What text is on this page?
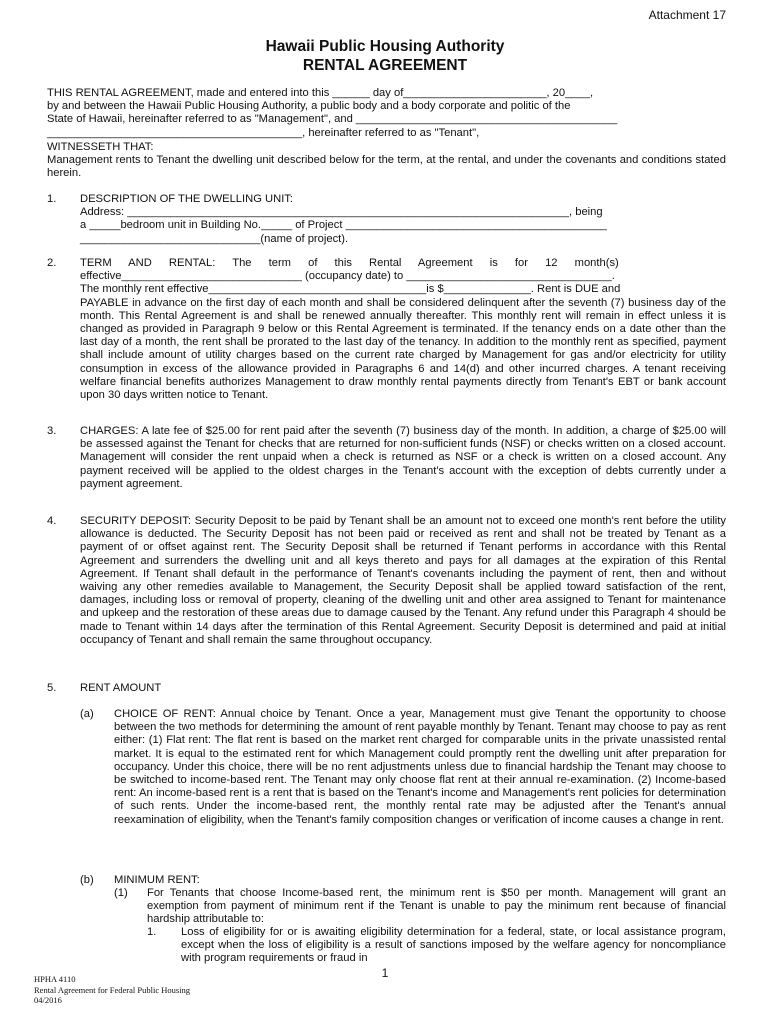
Attachment 17
Hawaii Public Housing Authority
RENTAL AGREEMENT
THIS RENTAL AGREEMENT, made and entered into this ______ day of_______________________, 20____,
by and between the Hawaii Public Housing Authority, a public body and a body corporate and politic of the
State of Hawaii, hereinafter referred to as "Management", and __________________________________________
_________________________________________, hereinafter referred to as "Tenant",
WITNESSETH THAT:

Management rents to Tenant the dwelling unit described below for the term, at the rental, and under the covenants and conditions stated herein.

1. DESCRIPTION OF THE DWELLING UNIT:
Address: _______________________________________________________________________, being
a _____bedroom unit in Building No._____ of Project __________________________________________
_____________________________(name of project).
2. TERM AND RENTAL: The term of this Rental Agreement is for 12 month(s)
effective_____________________________ (occupancy date) to _________________________________.
The monthly rent effective___________________________________is $______________. Rent is DUE and

PAYABLE in advance on the first day of each month and shall be considered delinquent after the seventh (7) business day of the month. This Rental Agreement is and shall be renewed annually thereafter. This monthly rent will remain in effect unless it is changed as provided in Paragraph 9 below or this Rental Agreement is terminated. If the tenancy ends on a date other than the last day of a month, the rent shall be prorated to the last day of the tenancy. In addition to the monthly rent as specified, payment shall include amount of utility charges based on the current rate charged by Management for gas and/or electricity for utility consumption in excess of the allowance provided in Paragraphs 6 and 14(d) and other incurred charges. A tenant receiving welfare financial benefits authorizes Management to draw monthly rental payments directly from Tenant's EBT or bank account upon 30 days written notice to Tenant.

3. CHARGES: A late fee of $25.00 for rent paid after the seventh (7) business day of the month. In addition, a charge of $25.00 will be assessed against the Tenant for checks that are returned for non-sufficient funds (NSF) or checks written on a closed account. Management will consider the rent unpaid when a check is returned as NSF or a check is written on a closed account. Any payment received will be applied to the oldest charges in the Tenant's account with the exception of debts currently under a payment agreement.

4. SECURITY DEPOSIT: Security Deposit to be paid by Tenant shall be an amount not to exceed one month's rent before the utility allowance is deducted. The Security Deposit has not been paid or received as rent and shall not be treated by Tenant as a payment of or offset against rent. The Security Deposit shall be returned if Tenant performs in accordance with this Rental Agreement and surrenders the dwelling unit and all keys thereto and pays for all damages at the expiration of this Rental Agreement. If Tenant shall default in the performance of Tenant's covenants including the payment of rent, then and without waiving any other remedies available to Management, the Security Deposit shall be applied toward satisfaction of the rent, damages, including loss or removal of property, cleaning of the dwelling unit and other area assigned to Tenant for maintenance and upkeep and the restoration of these areas due to damage caused by the Tenant. Any refund under this Paragraph 4 should be made to Tenant within 14 days after the termination of this Rental Agreement. Security Deposit is determined and paid at initial occupancy of Tenant and shall remain the same throughout occupancy.

5. RENT AMOUNT
(a) CHOICE OF RENT: Annual choice by Tenant. Once a year, Management must give Tenant the opportunity to choose between the two methods for determining the amount of rent payable monthly by Tenant. Tenant may choose to pay as rent either: (1) Flat rent: The flat rent is based on the market rent charged for comparable units in the private unassisted rental market. It is equal to the estimated rent for which Management could promptly rent the dwelling unit after preparation for occupancy. Under this choice, there will be no rent adjustments unless due to financial hardship the Tenant may choose to be switched to income-based rent. The Tenant may only choose flat rent at their annual re-examination. (2) Income-based rent: An income-based rent is a rent that is based on the Tenant's income and Management's rent policies for determination of such rents. Under the income-based rent, the monthly rental rate may be adjusted after the Tenant's annual reexamination of eligibility, when the Tenant's family composition changes or verification of income causes a change in rent.

(b) MINIMUM RENT:
(1) For Tenants that choose Income-based rent, the minimum rent is $50 per month. Management will grant an exemption from payment of minimum rent if the Tenant is unable to pay the minimum rent because of financial hardship attributable to:

1. Loss of eligibility for or is awaiting eligibility determination for a federal, state, or local assistance program, except when the loss of eligibility is a result of sanctions imposed by the welfare agency for noncompliance with program requirements or fraud in

1
HPHA 4110
Rental Agreement for Federal Public Housing
04/2016
